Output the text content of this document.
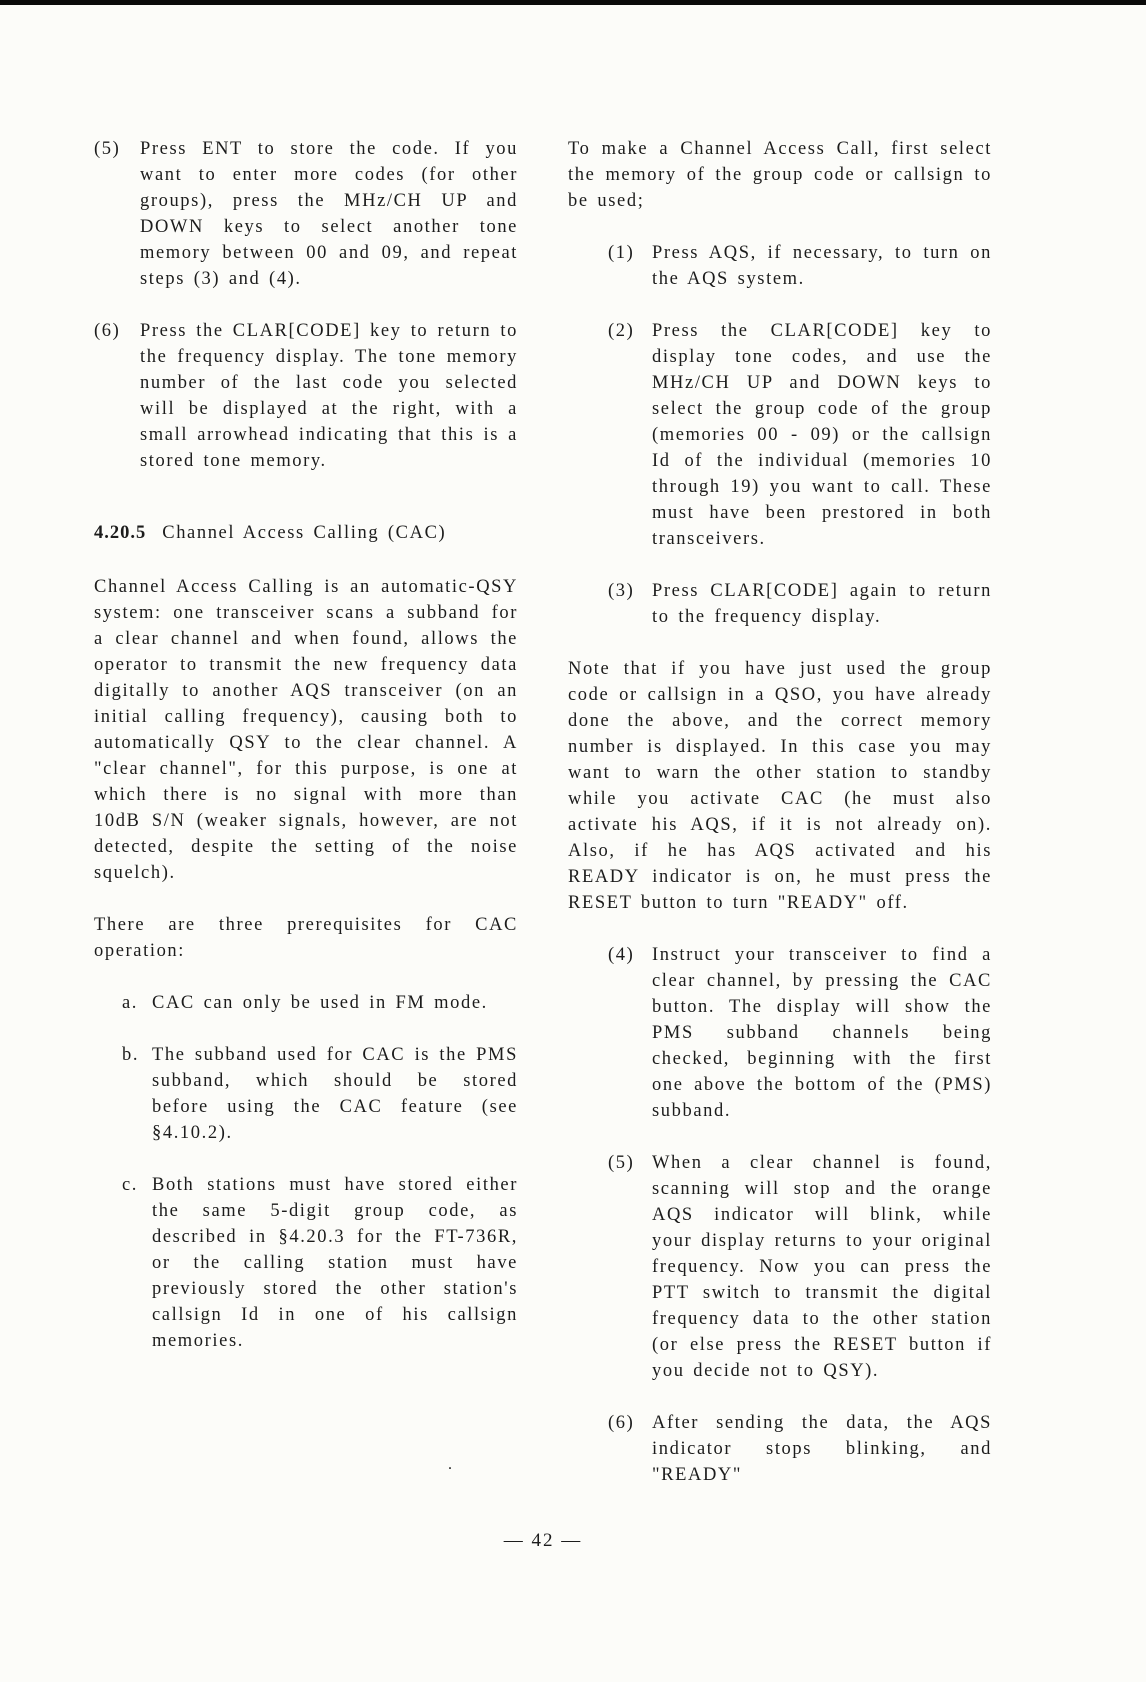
(5)	Press ENT to store the code. If you want to enter more codes (for other groups), press the MHz/CH UP and DOWN keys to select another tone memory between 00 and 09, and repeat steps (3) and (4).
(6)	Press the CLAR[CODE] key to return to the frequency display. The tone memory number of the last code you selected will be displayed at the right, with a small arrowhead indicating that this is a stored tone memory.
4.20.5 Channel Access Calling (CAC)
Channel Access Calling is an automatic-QSY system: one transceiver scans a subband for a clear channel and when found, allows the operator to transmit the new frequency data digitally to another AQS transceiver (on an initial calling frequency), causing both to automatically QSY to the clear channel. A "clear channel", for this purpose, is one at which there is no signal with more than 10dB S/N (weaker signals, however, are not detected, despite the setting of the noise squelch).
There are three prerequisites for CAC operation:
a. CAC can only be used in FM mode.
b. The subband used for CAC is the PMS subband, which should be stored before using the CAC feature (see §4.10.2).
c. Both stations must have stored either the same 5-digit group code, as described in §4.20.3 for the FT-736R, or the calling station must have previously stored the other station's callsign Id in one of his callsign memories.
To make a Channel Access Call, first select the memory of the group code or callsign to be used;
(1) Press AQS, if necessary, to turn on the AQS system.
(2) Press the CLAR[CODE] key to display tone codes, and use the MHz/CH UP and DOWN keys to select the group code of the group (memories 00 - 09) or the callsign Id of the individual (memories 10 through 19) you want to call. These must have been prestored in both transceivers.
(3) Press CLAR[CODE] again to return to the frequency display.
Note that if you have just used the group code or callsign in a QSO, you have already done the above, and the correct memory number is displayed. In this case you may want to warn the other station to standby while you activate CAC (he must also activate his AQS, if it is not already on). Also, if he has AQS activated and his READY indicator is on, he must press the RESET button to turn "READY" off.
(4) Instruct your transceiver to find a clear channel, by pressing the CAC button. The display will show the PMS subband channels being checked, beginning with the first one above the bottom of the (PMS) subband.
(5) When a clear channel is found, scanning will stop and the orange AQS indicator will blink, while your display returns to your original frequency. Now you can press the PTT switch to transmit the digital frequency data to the other station (or else press the RESET button if you decide not to QSY).
(6) After sending the data, the AQS indicator stops blinking, and "READY"
.
— 42 —
